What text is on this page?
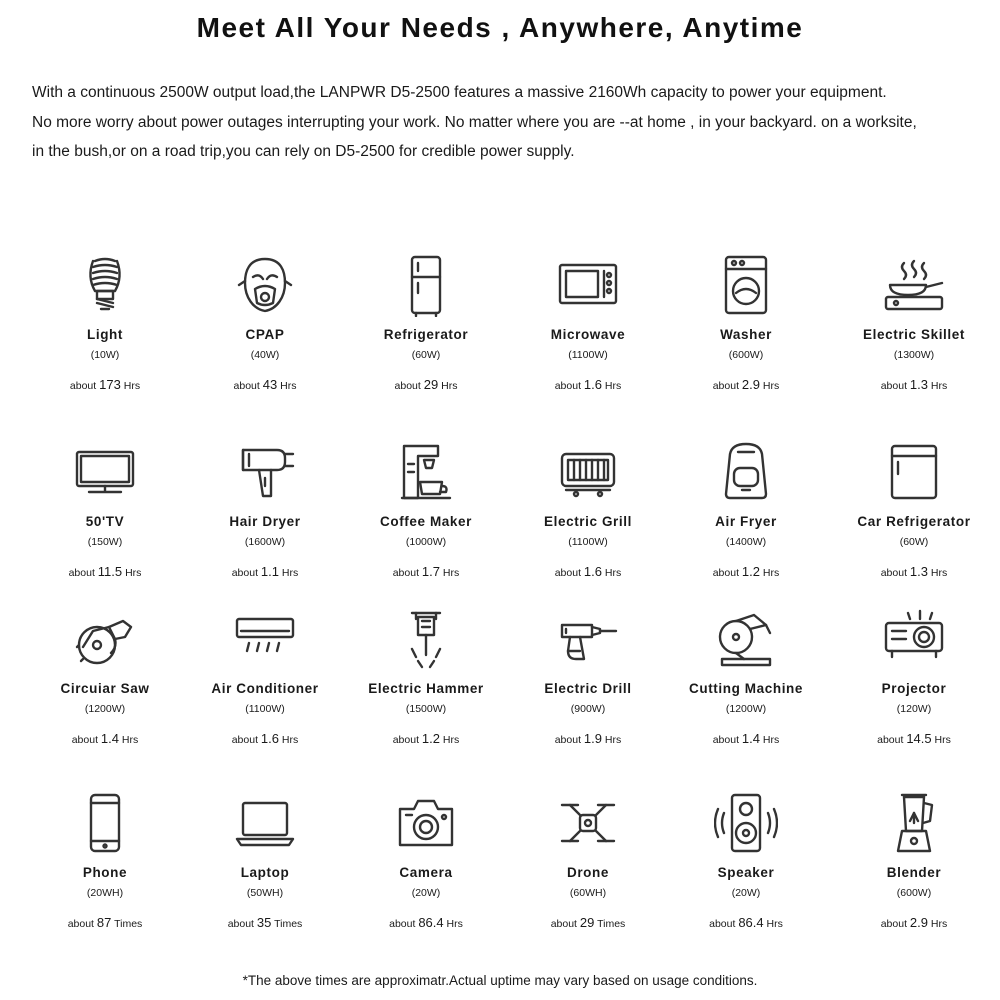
Meet All Your Needs , Anywhere, Anytime

With a continuous 2500W output load,the LANPWR D5-2500 features a massive 2160Wh capacity to power your equipment.

No more worry about power outages interrupting your work. No matter where you are --at home , in your backyard. on a worksite,

in the bush,or on a road trip,you can rely on D5-2500 for credible power supply.

Light
(10W)
about 173 Hrs
CPAP
(40W)
about 43 Hrs
Refrigerator
(60W)
about 29 Hrs
Microwave
(1100W)
about 1.6 Hrs
Washer
(600W)
about 2.9 Hrs
Electric Skillet
(1300W)
about 1.3 Hrs
50'TV
(150W)
about 11.5 Hrs
Hair Dryer
(1600W)
about 1.1 Hrs
Coffee Maker
(1000W)
about 1.7 Hrs
Electric Grill
(1100W)
about 1.6 Hrs
Air Fryer
(1400W)
about 1.2 Hrs
Car Refrigerator
(60W)
about 1.3 Hrs
Circuiar Saw
(1200W)
about 1.4 Hrs
Air Conditioner
(1100W)
about 1.6 Hrs
Electric Hammer
(1500W)
about 1.2 Hrs
Electric Drill
(900W)
about 1.9 Hrs
Cutting Machine
(1200W)
about 1.4 Hrs
Projector
(120W)
about 14.5 Hrs
Phone
(20WH)
about 87 Times
Laptop
(50WH)
about 35 Times
Camera
(20W)
about 86.4 Hrs
Drone
(60WH)
about 29 Times
Speaker
(20W)
about 86.4 Hrs
Blender
(600W)
about 2.9 Hrs
*The above times are approximatr.Actual uptime may vary based on usage conditions.
